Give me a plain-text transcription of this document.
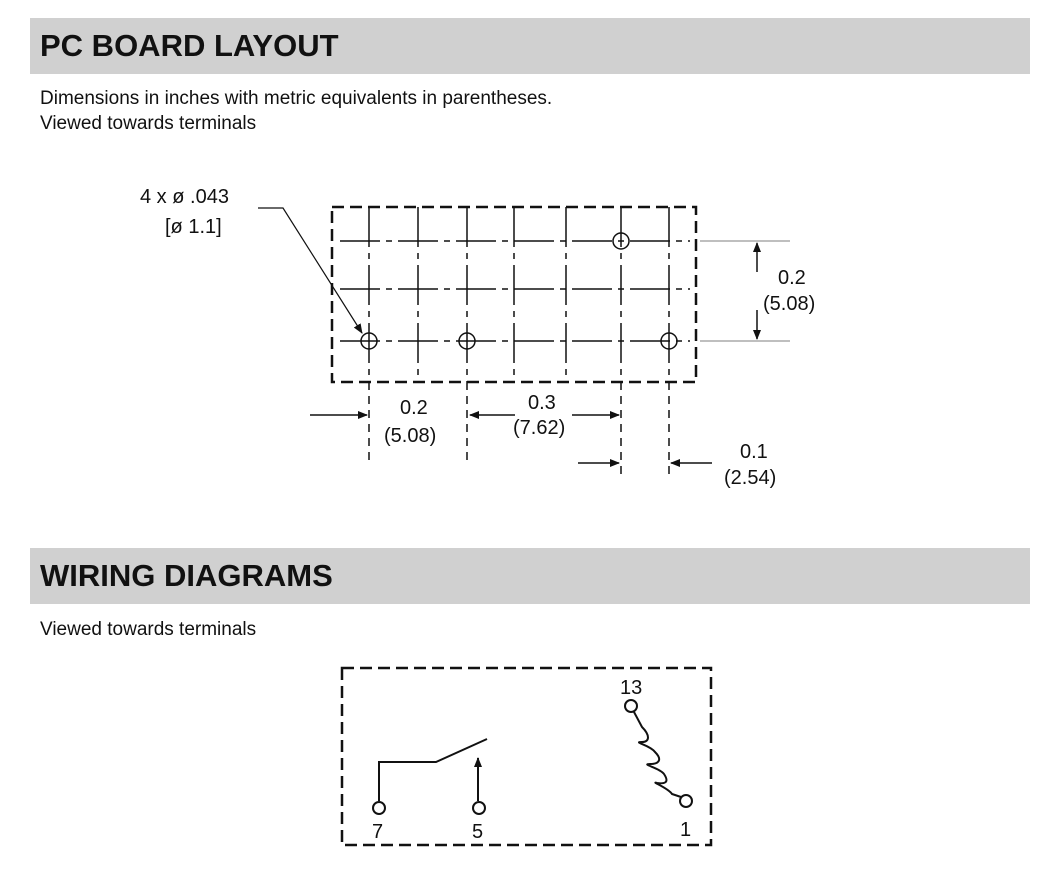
PC BOARD LAYOUT
Dimensions in inches with metric equivalents in parentheses.
Viewed towards terminals
WIRING DIAGRAMS
Viewed towards terminals
4 x ø .043
[ø 1.1]
0.2
(5.08)
0.2
(5.08)
0.3
(7.62)
0.1
(2.54)
7	5
13
1
